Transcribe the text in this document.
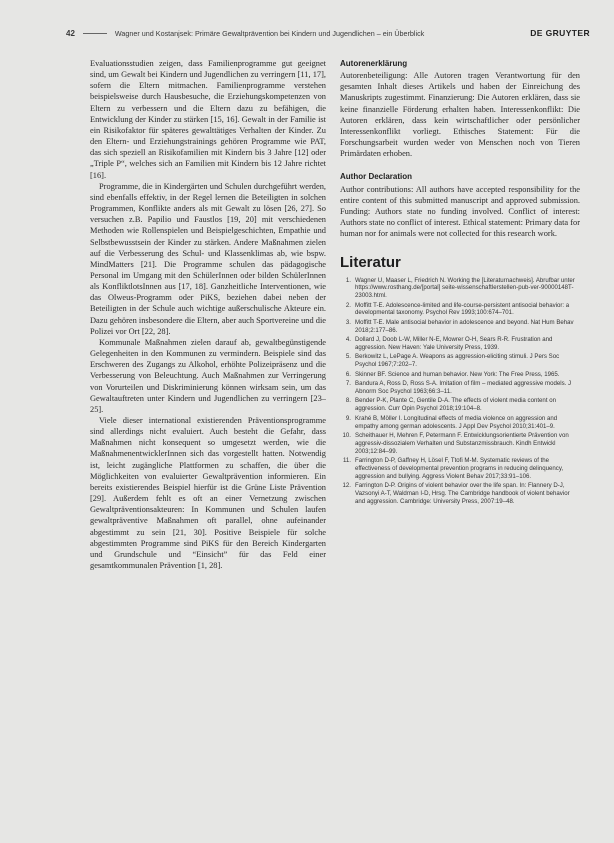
42	Wagner und Kostanjsek: Primäre Gewaltprävention bei Kindern und Jugendlichen – ein Überblick	DE GRUYTER

Evaluationsstudien zeigen, dass Familienprogramme gut geeignet sind, um Gewalt bei Kindern und Jugendlichen zu verringern [11, 17], sofern die Eltern mitmachen. Familienprogramme verstehen beispielsweise durch Hausbesuche, die Erziehungskompetenzen von Eltern zu verbessern und die Eltern dazu zu befähigen, die Entwicklung der Kinder zu stärken [15, 16]. Gewalt in der Familie ist ein Risikofaktor für späteres gewalttätiges Verhalten der Kinder. Zu den Eltern- und Erziehungstrainings gehören Programme wie PAT, das sich speziell an Risikofamilien mit Kindern bis 3 Jahre [12] oder „Triple P“, welches sich an Familien mit Kindern bis 12 Jahre richtet [16].

Programme, die in Kindergärten und Schulen durchgeführt werden, sind ebenfalls effektiv, in der Regel lernen die Beteiligten in solchen Programmen, Konflikte anders als mit Gewalt zu lösen [26, 27]. So versuchen z.B. Papilio und Faustlos [19, 20] mit verschiedenen Methoden wie Rollenspielen und Beispielgeschichten, Empathie und Selbstbewusstsein der Kinder zu stärken. Andere Maßnahmen zielen auf die Verbesserung des Schul- und Klassenklimas ab, wie bspw. MindMatters [21]. Die Programme schulen das pädagogische Personal im Umgang mit den SchülerInnen oder bilden SchülerInnen als KonfliktlotsInnen aus [17, 18]. Ganzheitliche Interventionen, wie das Olweus-Programm oder PiKS, beziehen dabei neben der Beteiligten in der Schule auch wichtige außerschulische Akteure ein. Dazu gehören insbesondere die Eltern, aber auch Sportvereine und die Polizei vor Ort [22, 28].

Kommunale Maßnahmen zielen darauf ab, gewaltbegünstigende Gelegenheiten in den Kommunen zu vermindern. Beispiele sind das Erschweren des Zugangs zu Alkohol, erhöhte Polizeipräsenz und die Verbesserung von Beleuchtung. Auch Maßnahmen zur Verringerung von Vorurteilen und Diskriminierung können wirksam sein, um das Gewaltauftreten unter Kindern und Jugendlichen zu verringern [23–25].

Viele dieser international existierenden Präventionsprogramme sind allerdings nicht evaluiert. Auch besteht die Gefahr, dass Maßnahmen nicht konsequent so umgesetzt werden, wie die MaßnahmenentwicklerInnen sich das vorgestellt hatten. Notwendig ist, leicht zugängliche Plattformen zu schaffen, die über die Möglichkeiten von evaluierter Gewaltprävention informieren. Ein bereits existierendes Beispiel hierfür ist die Grüne Liste Prävention [29]. Außerdem fehlt es oft an einer Vernetzung zwischen Gewaltpräventionsakteuren: In Kommunen und Schulen laufen gewaltpräventive Maßnahmen oft parallel, ohne aufeinander abgestimmt zu sein [21, 30]. Positive Beispiele für solche abgestimmten Programme sind PiKS für den Bereich Kindergarten und Grundschule und “Einsicht” für das Feld einer gesamtkommunalen Prävention [1, 28].

Autorenerklärung

Autorenbeteiligung: Alle Autoren tragen Verantwortung für den gesamten Inhalt dieses Artikels und haben der Einreichung des Manuskripts zugestimmt. Finanzierung: Die Autoren erklären, dass sie keine finanzielle Förderung erhalten haben. Interessenkonflikt: Die Autoren erklären, dass kein wirtschaftlicher oder persönlicher Interessenkonflikt vorliegt. Ethisches Statement: Für die Forschungsarbeit wurden weder von Menschen noch von Tieren Primärdaten erhoben.

Author Declaration

Author contributions: All authors have accepted responsibility for the entire content of this submitted manuscript and approved submission. Funding: Authors state no funding involved. Conflict of interest: Authors state no conflict of interest. Ethical statement: Primary data for human nor for animals were not collected for this research work.

Literatur
1. Wagner U, Maaser L, Friedrich N. Working the [Literaturnachweis]. Abrufbar unter https://www.rosthang.de/[portal] seite-wissenschaftlerstellen-pub-ver-90000148T-23003.html.
2. Moffitt T-E. Adolescence-limited and life-course-persistent antisocial behavior: a developmental taxonomy. Psychol Rev 1993;100:674–701.
3. Moffitt T-E. Male antisocial behavior in adolescence and beyond. Nat Hum Behav 2018;2:177–86.
4. Dollard J, Doob L-W, Miller N-E, Mowrer O-H, Sears R-R. Frustration and aggression. New Haven: Yale University Press, 1939.
5. Berkowitz L, LePage A. Weapons as aggression-eliciting stimuli. J Pers Soc Psychol 1967;7:202–7.
6. Skinner BF. Science and human behavior. New York: The Free Press, 1965.
7. Bandura A, Ross D, Ross S-A. Imitation of film – mediated aggressive models. J Abnorm Soc Psychol 1963;66:3–11.
8. Bender P-K, Plante C, Gentile D-A. The effects of violent media content on aggression. Curr Opin Psychol 2018;19:104–8.
9. Krahé B, Möller I. Longitudinal effects of media violence on aggression and empathy among german adolescents. J Appl Dev Psychol 2010;31:401–9.
10. Scheithauer H, Mehren F, Petermann F. Entwicklungsorientierte Prävention von aggressiv-dissozialem Verhalten und Substanzmissbrauch. Kindh Entwickl 2003;12:84–99.
11. Farrington D-P, Gaffney H, Lösel F, Ttofi M-M. Systematic reviews of the effectiveness of developmental prevention programs in reducing delinquency, aggression and bullying. Aggress Violent Behav 2017;33:91–106.
12. Farrington D-P. Origins of violent behavior over the life span. In: Flannery D-J, Vazsonyi A-T, Waldman I-D, Hrsg. The Cambridge handbook of violent behavior and aggression. Cambridge: University Press, 2007:19–48.
